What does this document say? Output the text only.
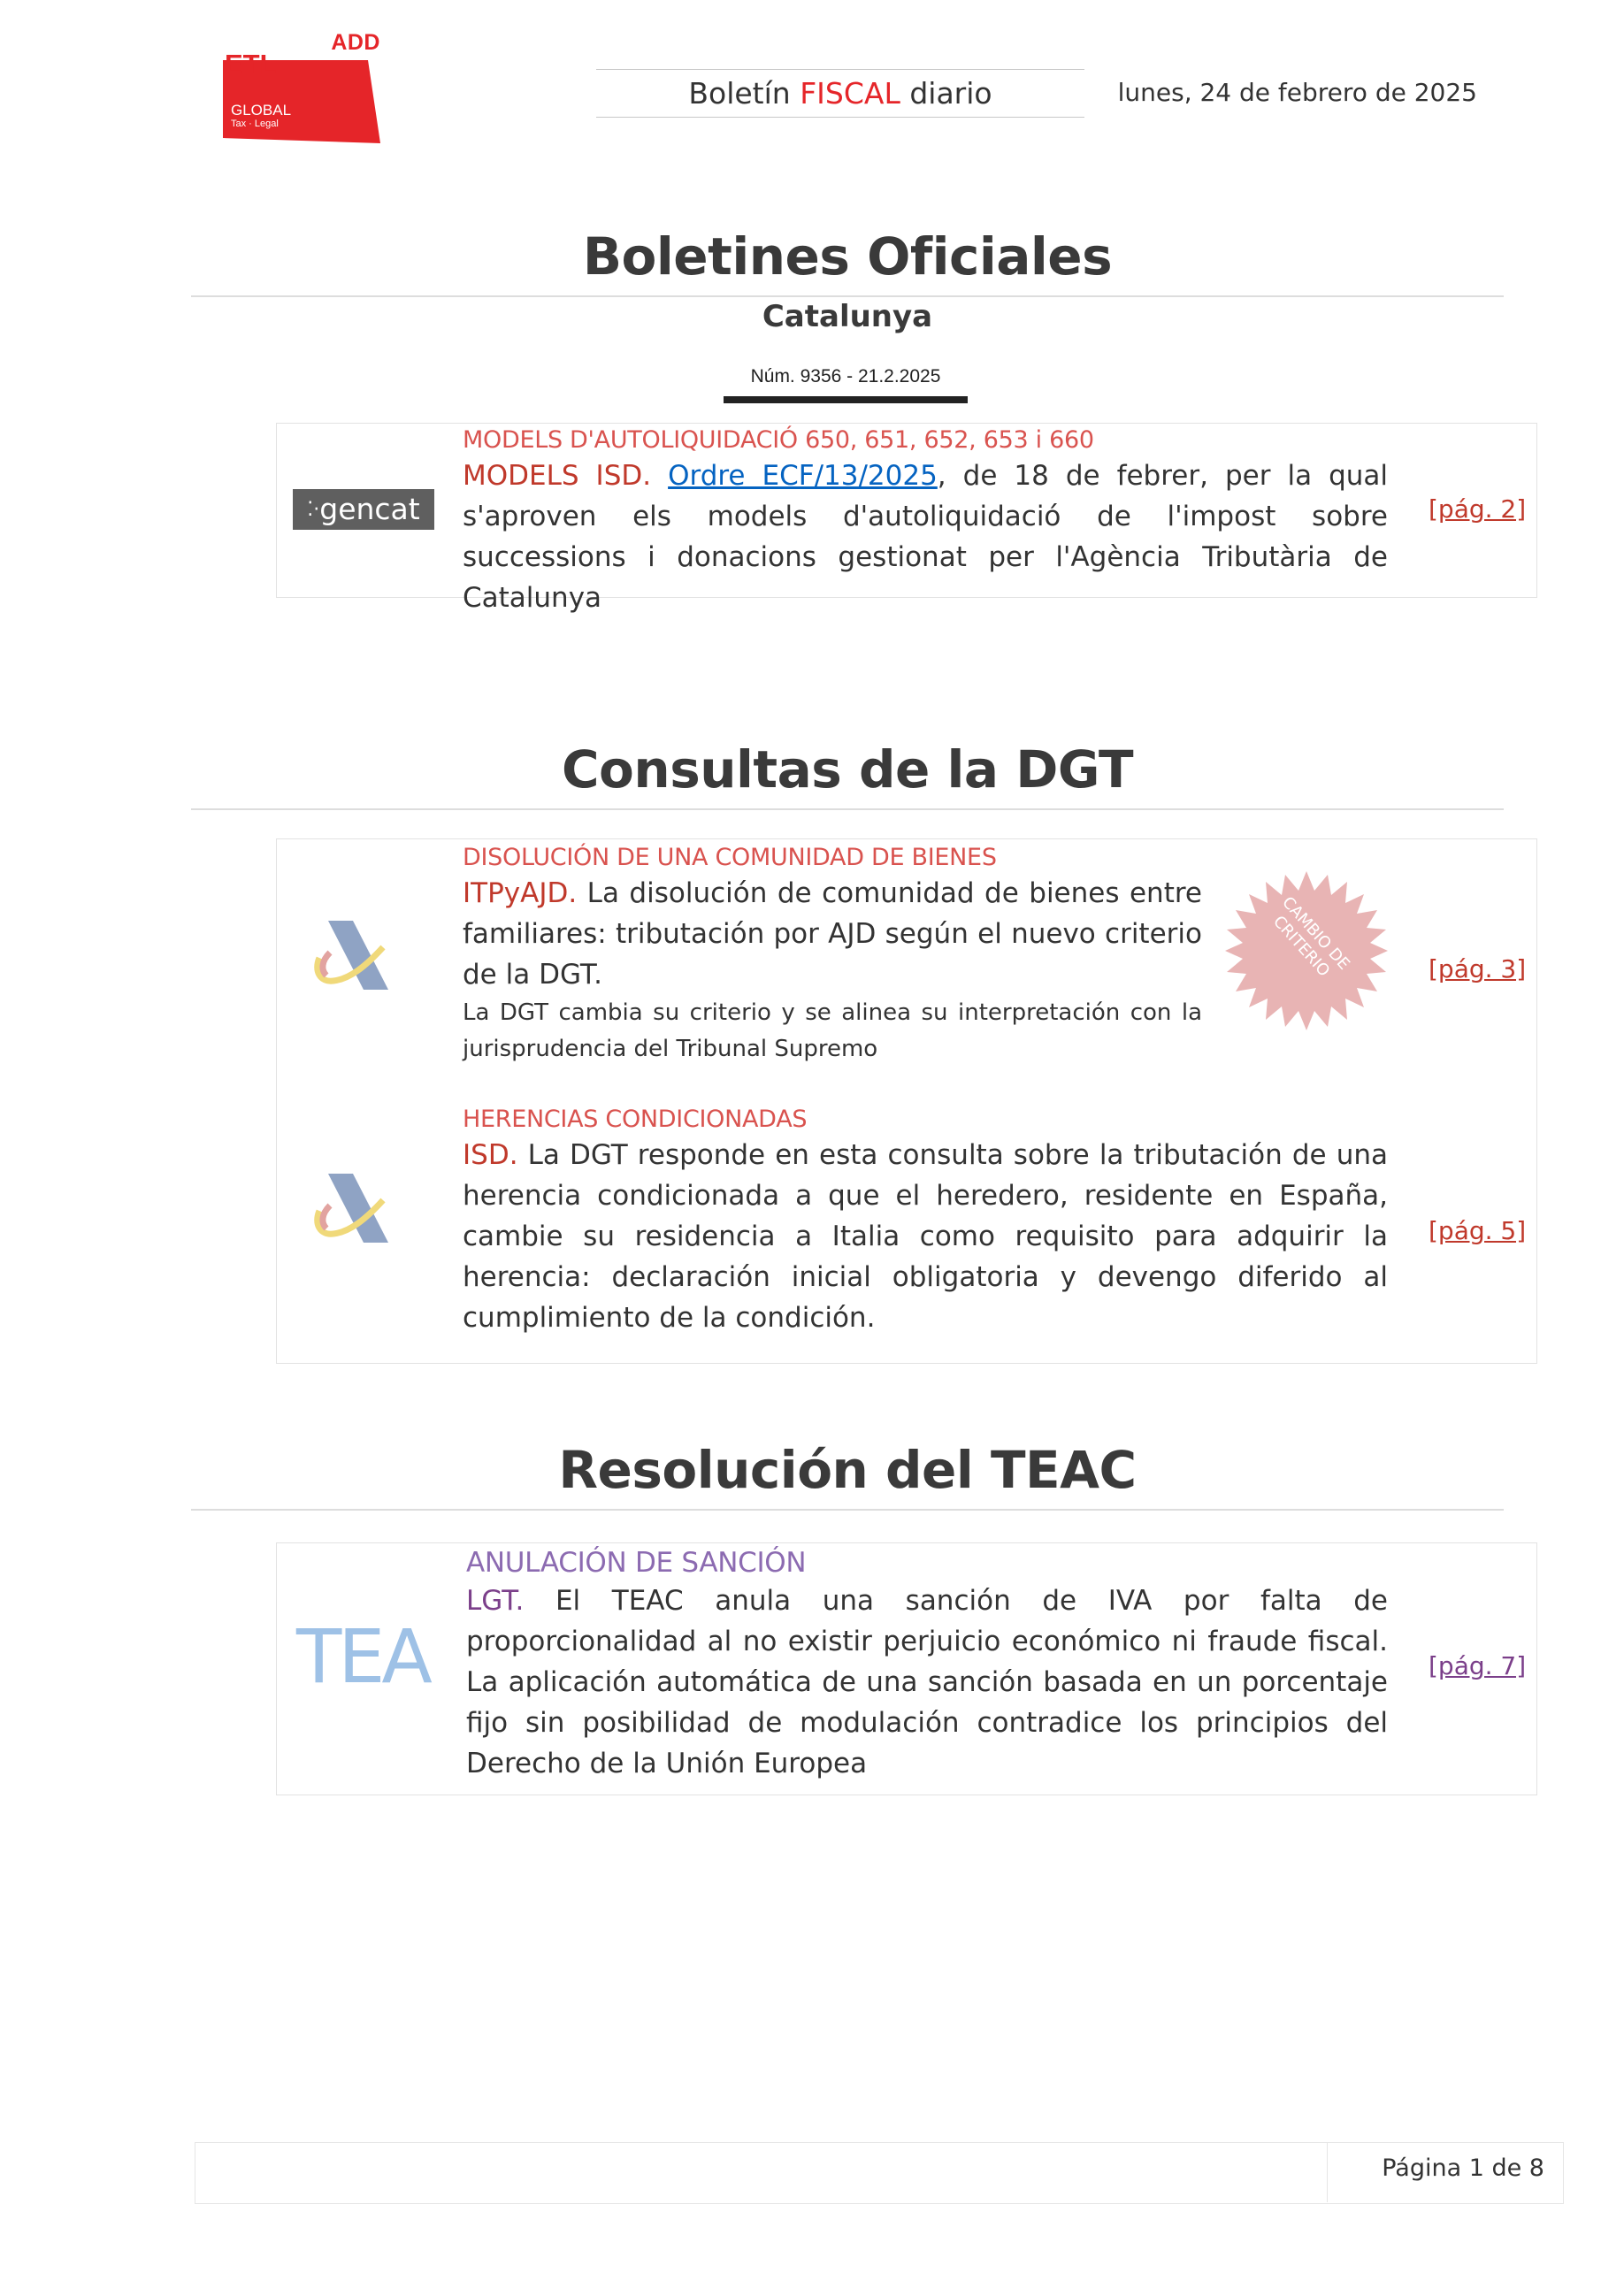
ADD
ETL
GLOBAL
Tax · Legal
Boletín FISCAL diario	lunes, 24 de febrero de 2025
Boletines Oficiales
Catalunya
Núm. 9356 - 21.2.2025
⁚·gencat
MODELS D'AUTOLIQUIDACIÓ 650, 651, 652, 653 i 660

MODELS ISD. Ordre ECF/13/2025, de 18 de febrer, per la qual s'aproven els models d'autoliquidació de l'impost sobre successions i donacions gestionat per l'Agència Tributària de Catalunya

[pág. 2]
Consultas de la DGT
DISOLUCIÓN DE UNA COMUNIDAD DE BIENES

ITPyAJD. La disolución de comunidad de bienes entre familiares: tributación por AJD según el nuevo criterio de la DGT.

La DGT cambia su criterio y se alinea su interpretación con la jurisprudencia del Tribunal Supremo

CAMBIO DE CRITERIO	[pág. 3]
HERENCIAS CONDICIONADAS

ISD. La DGT responde en esta consulta sobre la tributación de una herencia condicionada a que el heredero, residente en España, cambie su residencia a Italia como requisito para adquirir la herencia: declaración inicial obligatoria y devengo diferido al cumplimiento de la condición.

[pág. 5]
Resolución del TEAC
TEA
ANULACIÓN DE SANCIÓN

LGT. El TEAC anula una sanción de IVA por falta de proporcionalidad al no existir perjuicio económico ni fraude fiscal. La aplicación automática de una sanción basada en un porcentaje fijo sin posibilidad de modulación contradice los principios del Derecho de la Unión Europea

[pág. 7]
Página 1 de 8
